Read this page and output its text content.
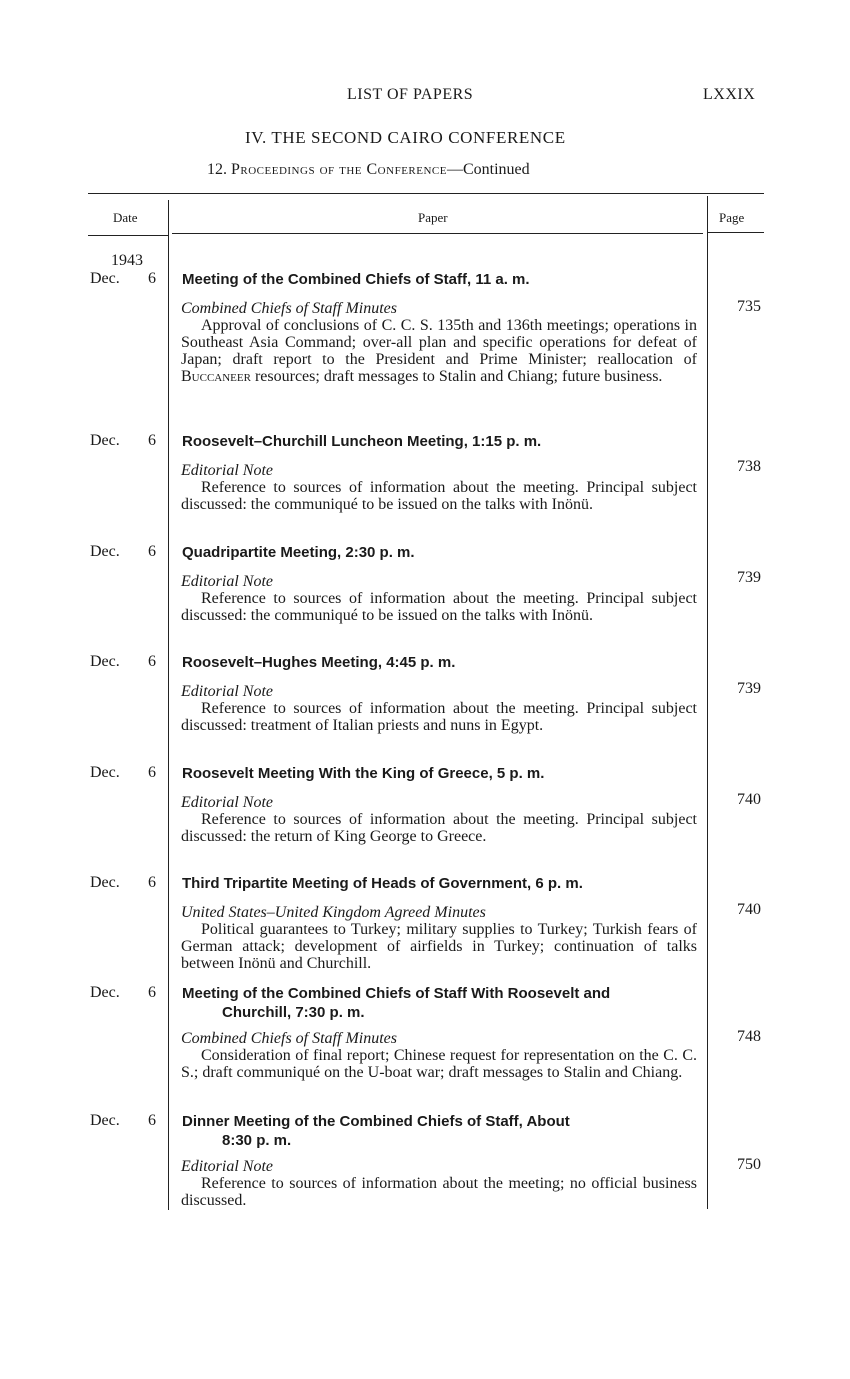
LIST OF PAPERS	LXXIX
IV. THE SECOND CAIRO CONFERENCE
12. Proceedings of the Conference—Continued
Date	Paper	Page
1943
Dec. 6 Meeting of the Combined Chiefs of Staff, 11 a. m.
Combined Chiefs of Staff Minutes
Approval of conclusions of C. C. S. 135th and 136th meetings; operations in Southeast Asia Command; over-all plan and specific operations for defeat of Japan; draft report to the President and Prime Minister; reallocation of Buccaneer resources; draft messages to Stalin and Chiang; future business.
735
Dec. 6 Roosevelt–Churchill Luncheon Meeting, 1:15 p. m.
Editorial Note
Reference to sources of information about the meeting. Principal subject discussed: the communiqué to be issued on the talks with Inönü.
738
Dec. 6 Quadripartite Meeting, 2:30 p. m.
Editorial Note
Reference to sources of information about the meeting. Principal subject discussed: the communiqué to be issued on the talks with Inönü.
739
Dec. 6 Roosevelt–Hughes Meeting, 4:45 p. m.
Editorial Note
Reference to sources of information about the meeting. Principal subject discussed: treatment of Italian priests and nuns in Egypt.
739
Dec. 6 Roosevelt Meeting With the King of Greece, 5 p. m.
Editorial Note
Reference to sources of information about the meeting. Principal subject discussed: the return of King George to Greece.
740
Dec. 6 Third Tripartite Meeting of Heads of Government, 6 p. m.
United States–United Kingdom Agreed Minutes
Political guarantees to Turkey; military supplies to Turkey; Turkish fears of German attack; development of airfields in Turkey; continuation of talks between Inönü and Churchill.
740
Dec. 6 Meeting of the Combined Chiefs of Staff With Roosevelt and
Churchill, 7:30 p. m.
Combined Chiefs of Staff Minutes
Consideration of final report; Chinese request for representation on the C. C. S.; draft communiqué on the U-boat war; draft messages to Stalin and Chiang.
748
Dec. 6 Dinner Meeting of the Combined Chiefs of Staff, About
8:30 p. m.
Editorial Note
Reference to sources of information about the meeting; no official business discussed.
750
